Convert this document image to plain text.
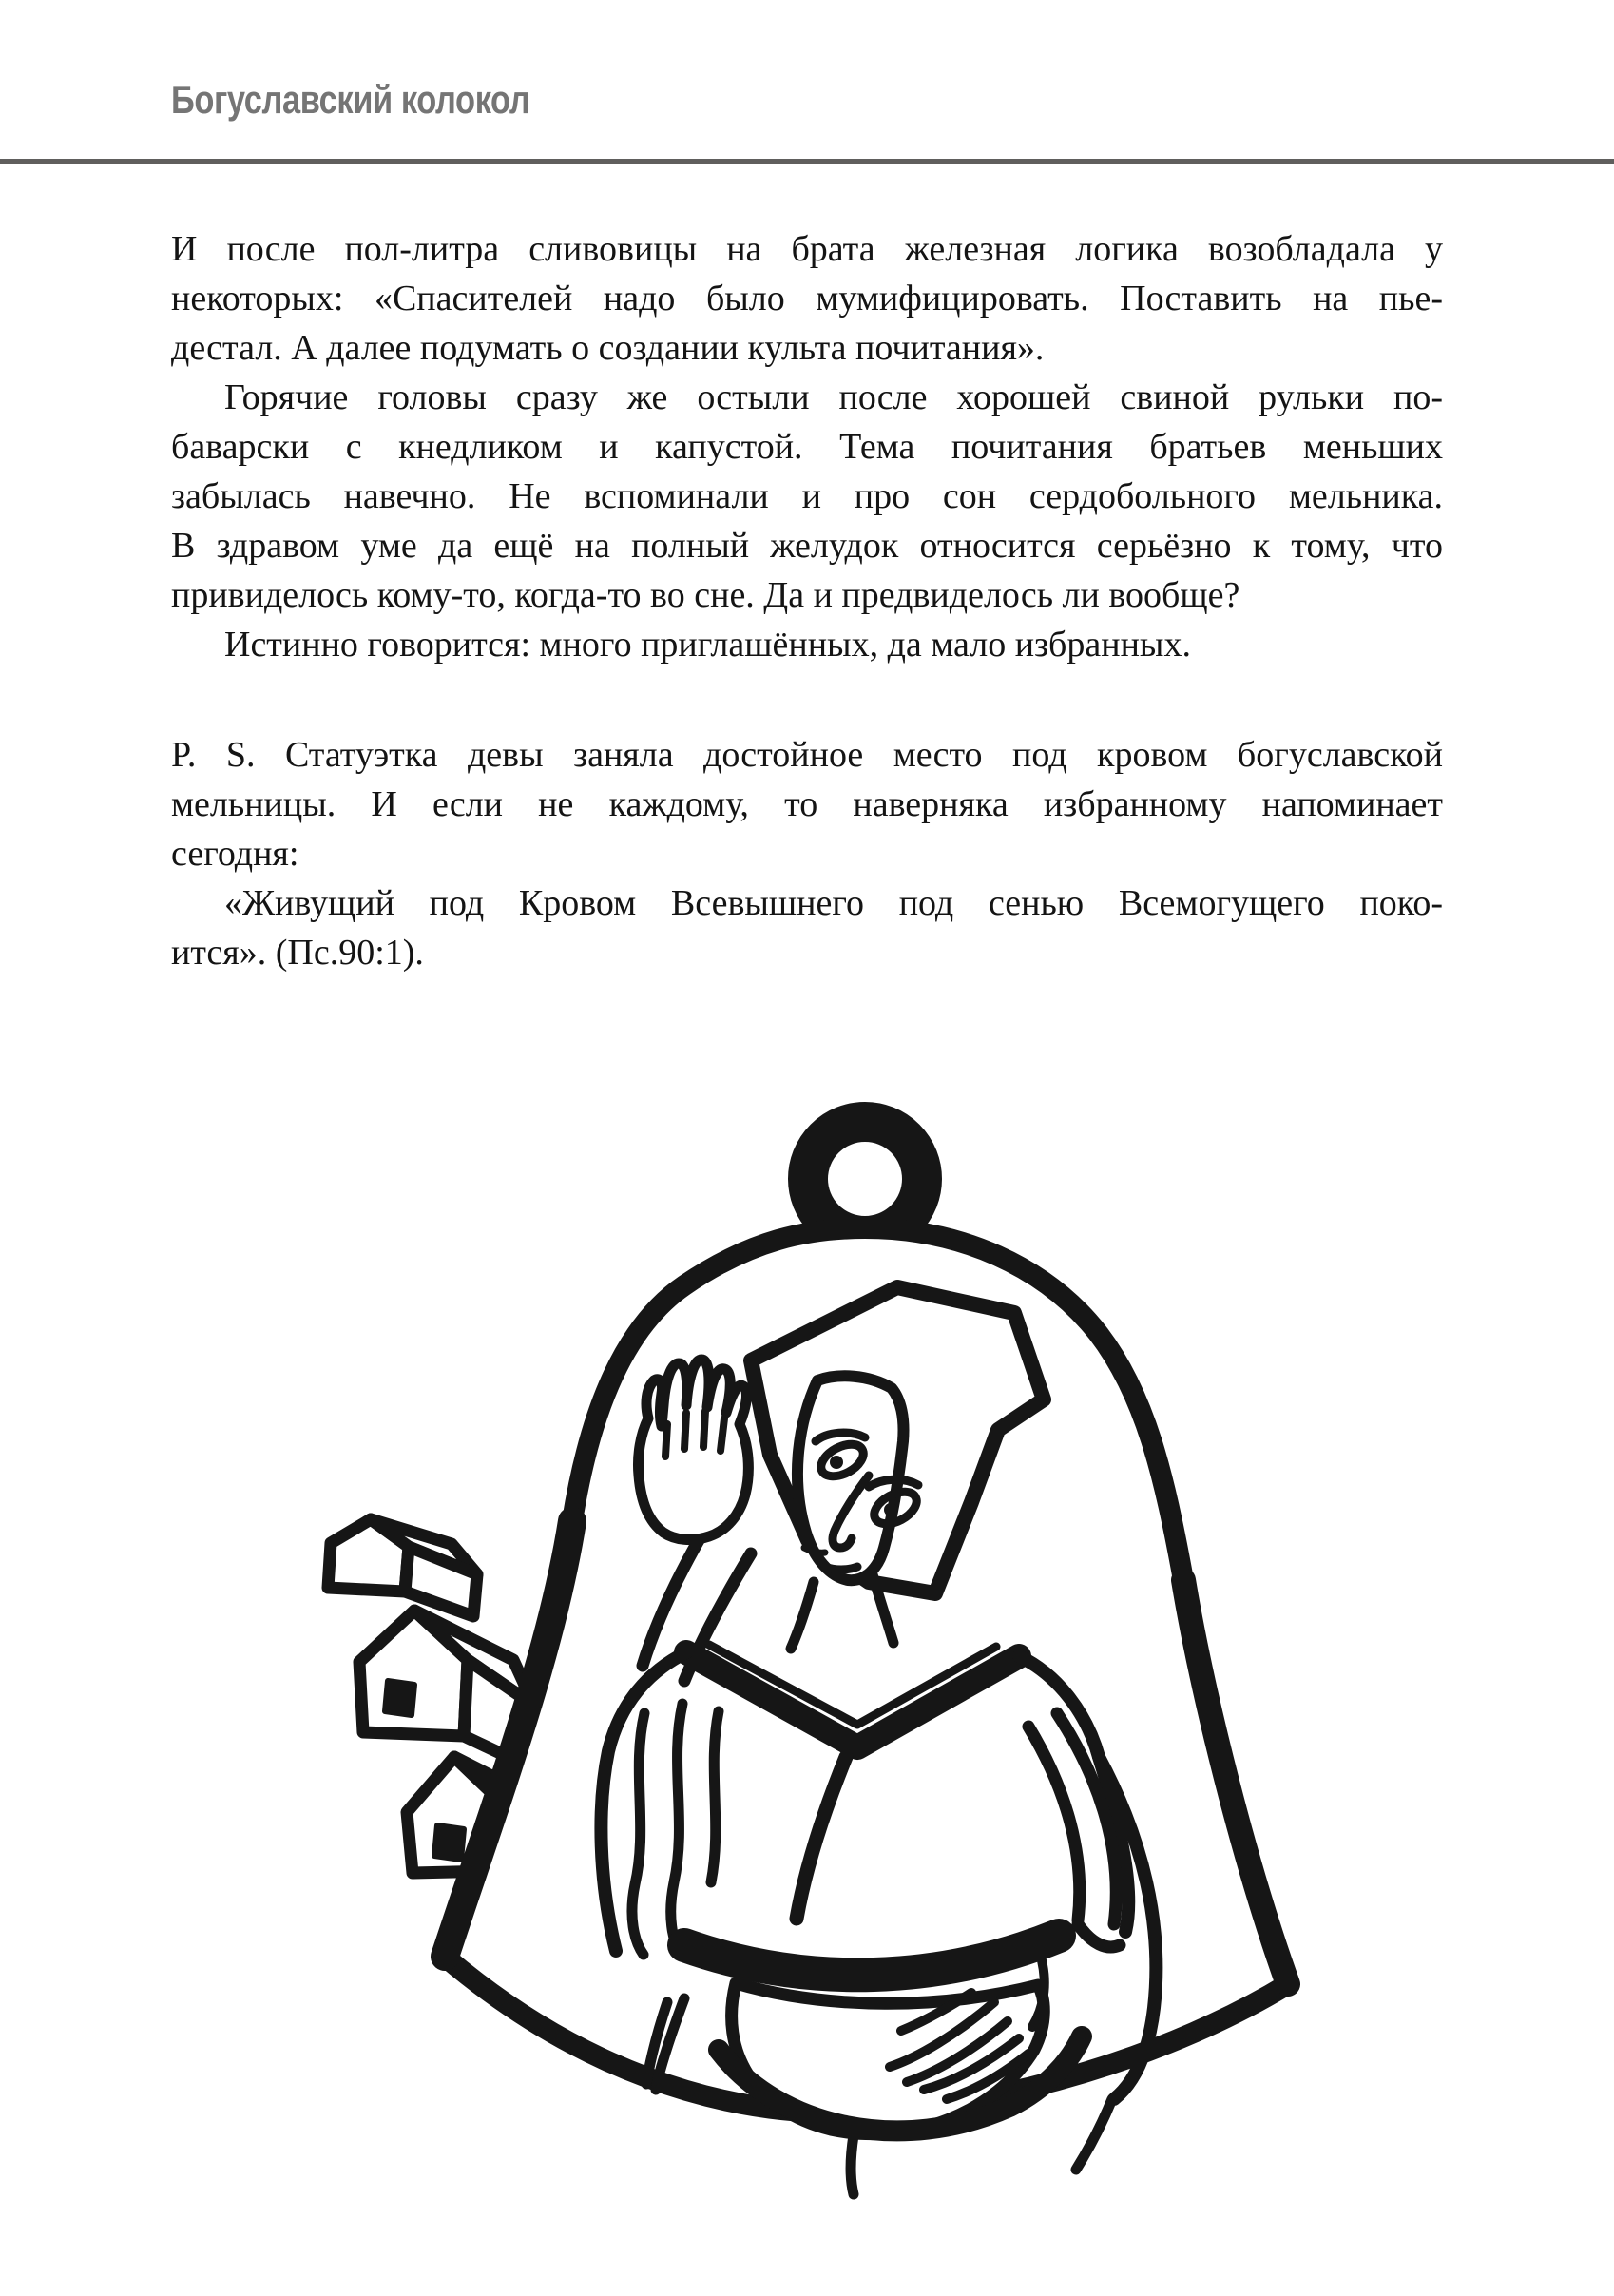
Богуславский колокол
И после пол-литра сливовицы на брата железная логика возобладала у
некоторых: «Спасителей надо было мумифицировать. Поставить на пье-
дестал. А далее подумать о создании культа почитания».
Горячие головы сразу же остыли после хорошей свиной рульки по-
баварски с кнедликом и капустой. Тема почитания братьев меньших
забылась навечно. Не вспоминали и про сон сердобольного мельника.
В здравом уме да ещё на полный желудок относится серьёзно к тому, что
привиделось кому-то, когда-то во сне. Да и предвиделось ли вообще?
Истинно говорится: много приглашённых, да мало избранных.
P. S. Статуэтка девы заняла достойное место под кровом богуславской
мельницы. И если не каждому, то наверняка избранному напоминает
сегодня:
«Живущий под Кровом Всевышнего под сенью Всемогущего поко-
ится». (Пс.90:1).
